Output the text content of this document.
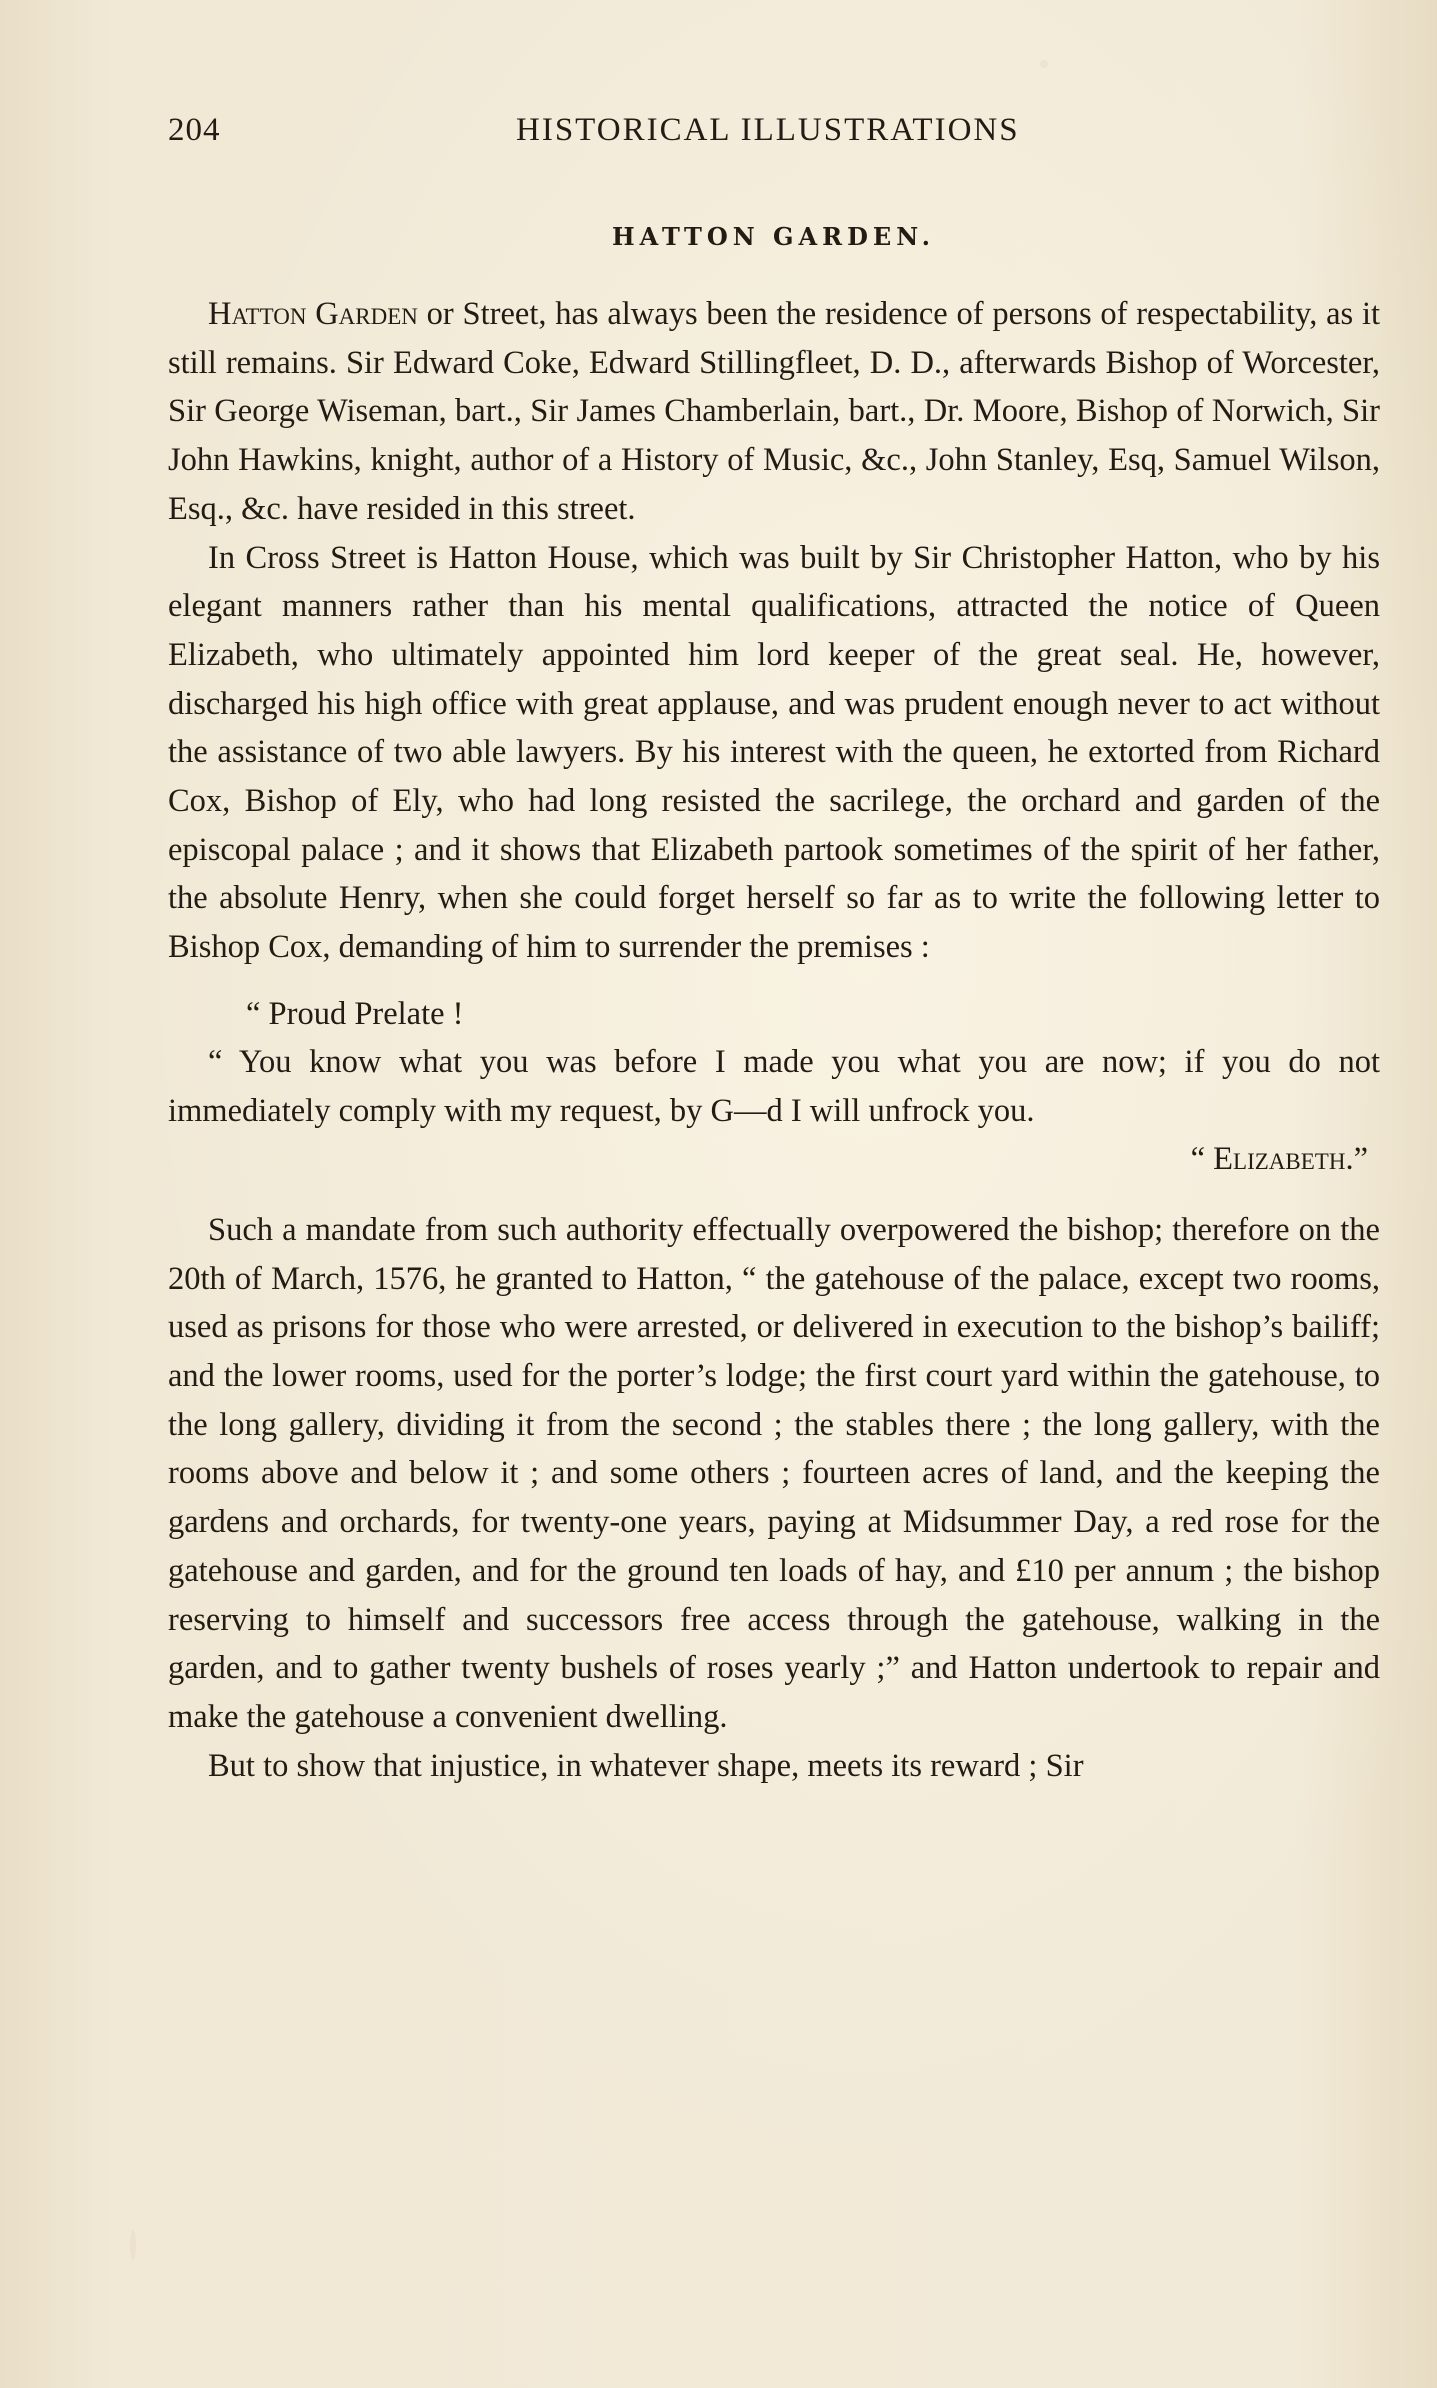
204	HISTORICAL ILLUSTRATIONS
HATTON GARDEN.

Hatton Garden or Street, has always been the residence of persons of respectability, as it still remains. Sir Edward Coke, Edward Stillingfleet, D. D., afterwards Bishop of Worcester, Sir George Wiseman, bart., Sir James Chamberlain, bart., Dr. Moore, Bishop of Norwich, Sir John Hawkins, knight, author of a History of Music, &c., John Stanley, Esq, Samuel Wilson, Esq., &c. have resided in this street.

In Cross Street is Hatton House, which was built by Sir Christopher Hatton, who by his elegant manners rather than his mental qualifications, attracted the notice of Queen Elizabeth, who ultimately appointed him lord keeper of the great seal. He, however, discharged his high office with great applause, and was prudent enough never to act without the assistance of two able lawyers. By his interest with the queen, he extorted from Richard Cox, Bishop of Ely, who had long resisted the sacrilege, the orchard and garden of the episcopal palace ; and it shows that Elizabeth partook sometimes of the spirit of her father, the absolute Henry, when she could forget herself so far as to write the following letter to Bishop Cox, demanding of him to surrender the premises :

“ Proud Prelate !

“ You know what you was before I made you what you are now; if you do not immediately comply with my request, by G—d I will unfrock you.

“ Elizabeth.”

Such a mandate from such authority effectually overpowered the bishop; therefore on the 20th of March, 1576, he granted to Hatton, “ the gatehouse of the palace, except two rooms, used as prisons for those who were arrested, or delivered in execution to the bishop’s bailiff; and the lower rooms, used for the porter’s lodge; the first court yard within the gatehouse, to the long gallery, dividing it from the second ; the stables there ; the long gallery, with the rooms above and below it ; and some others ; fourteen acres of land, and the keeping the gardens and orchards, for twenty-one years, paying at Midsummer Day, a red rose for the gatehouse and garden, and for the ground ten loads of hay, and £10 per annum ; the bishop reserving to himself and successors free access through the gatehouse, walking in the garden, and to gather twenty bushels of roses yearly ;” and Hatton undertook to repair and make the gatehouse a convenient dwelling.

But to show that injustice, in whatever shape, meets its reward ; Sir
